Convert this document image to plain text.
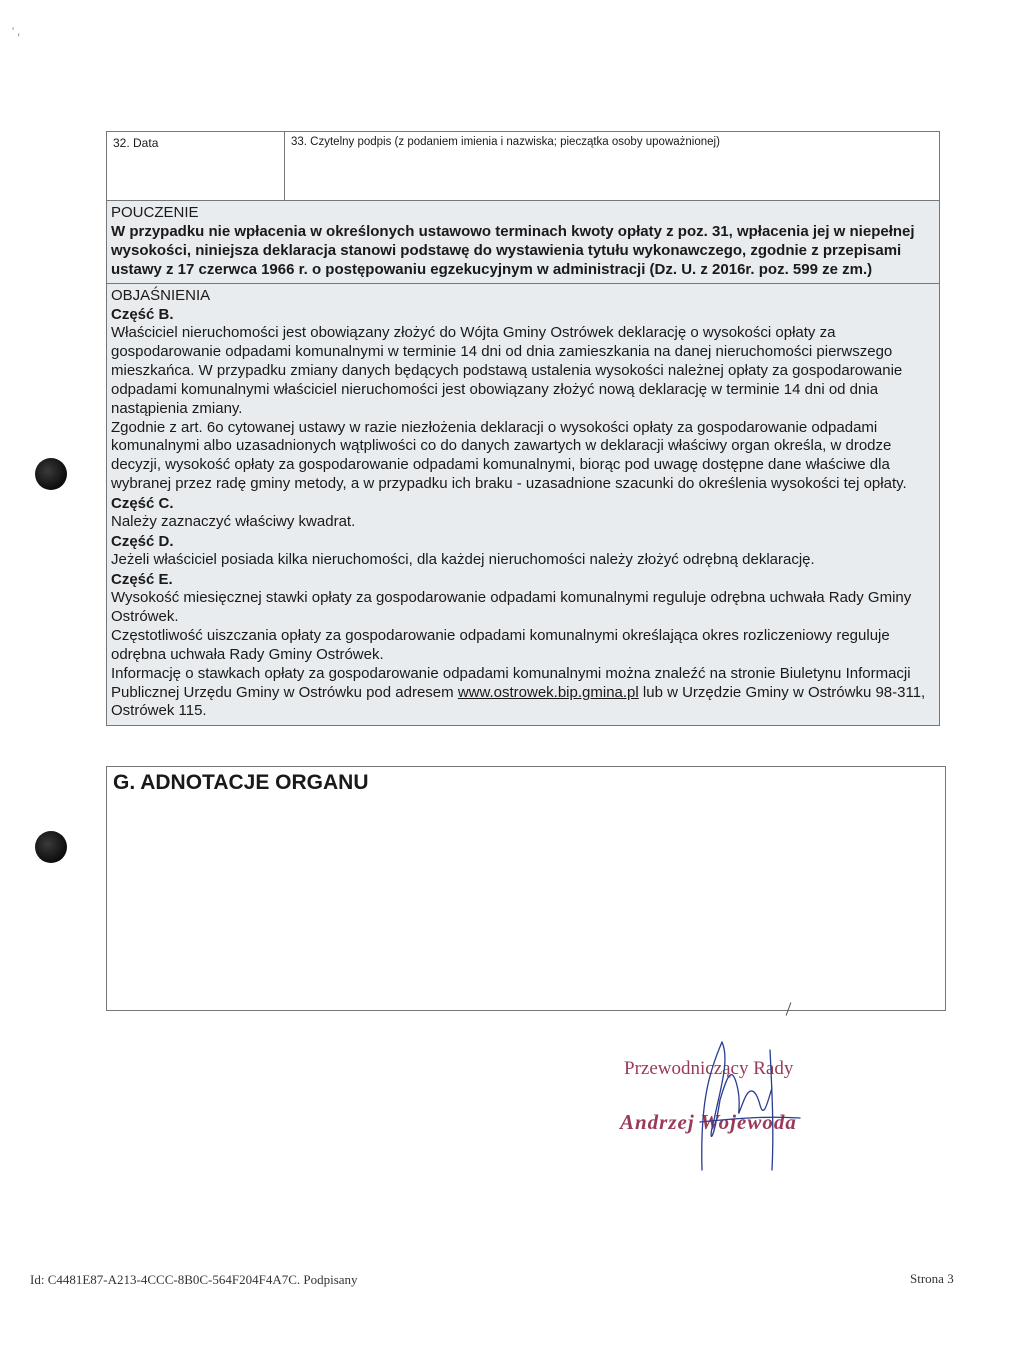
' ,
32. Data	33. Czytelny podpis (z podaniem imienia i nazwiska; pieczątka osoby upoważnionej)
POUCZENIE
W przypadku nie wpłacenia w określonych ustawowo terminach kwoty opłaty z poz. 31, wpłacenia jej w niepełnej wysokości, niniejsza deklaracja stanowi podstawę do wystawienia tytułu wykonawczego, zgodnie z przepisami ustawy z 17 czerwca 1966 r. o postępowaniu egzekucyjnym w administracji (Dz. U. z 2016r. poz. 599 ze zm.)
OBJAŚNIENIA
Część B.
Właściciel nieruchomości jest obowiązany złożyć do Wójta Gminy Ostrówek deklarację o wysokości opłaty za gospodarowanie odpadami komunalnymi w terminie 14 dni od dnia zamieszkania na danej nieruchomości pierwszego mieszkańca. W przypadku zmiany danych będących podstawą ustalenia wysokości należnej opłaty za gospodarowanie odpadami komunalnymi właściciel nieruchomości jest obowiązany złożyć nową deklarację w terminie 14 dni od dnia nastąpienia zmiany.
Zgodnie z art. 6o cytowanej ustawy w razie niezłożenia deklaracji o wysokości opłaty za gospodarowanie odpadami komunalnymi albo uzasadnionych wątpliwości co do danych zawartych w deklaracji właściwy organ określa, w drodze decyzji, wysokość opłaty za gospodarowanie odpadami komunalnymi, biorąc pod uwagę dostępne dane właściwe dla wybranej przez radę gminy metody, a w przypadku ich braku - uzasadnione szacunki do określenia wysokości tej opłaty.
Część C.
Należy zaznaczyć właściwy kwadrat.
Część D.
Jeżeli właściciel posiada kilka nieruchomości, dla każdej nieruchomości należy złożyć odrębną deklarację.
Część E.
Wysokość miesięcznej stawki opłaty za gospodarowanie odpadami komunalnymi reguluje odrębna uchwała Rady Gminy Ostrówek.
Częstotliwość uiszczania opłaty za gospodarowanie odpadami komunalnymi określająca okres rozliczeniowy reguluje odrębna uchwała Rady Gminy Ostrówek.
Informację o stawkach opłaty za gospodarowanie odpadami komunalnymi można znaleźć na stronie Biuletynu Informacji Publicznej Urzędu Gminy w Ostrówku pod adresem www.ostrowek.bip.gmina.pl lub w Urzędzie Gminy w Ostrówku 98-311, Ostrówek 115.
G. ADNOTACJE ORGANU
Przewodniczący Rady
Andrzej Wojewoda
Id: C4481E87-A213-4CCC-8B0C-564F204F4A7C. Podpisany	Strona 3
